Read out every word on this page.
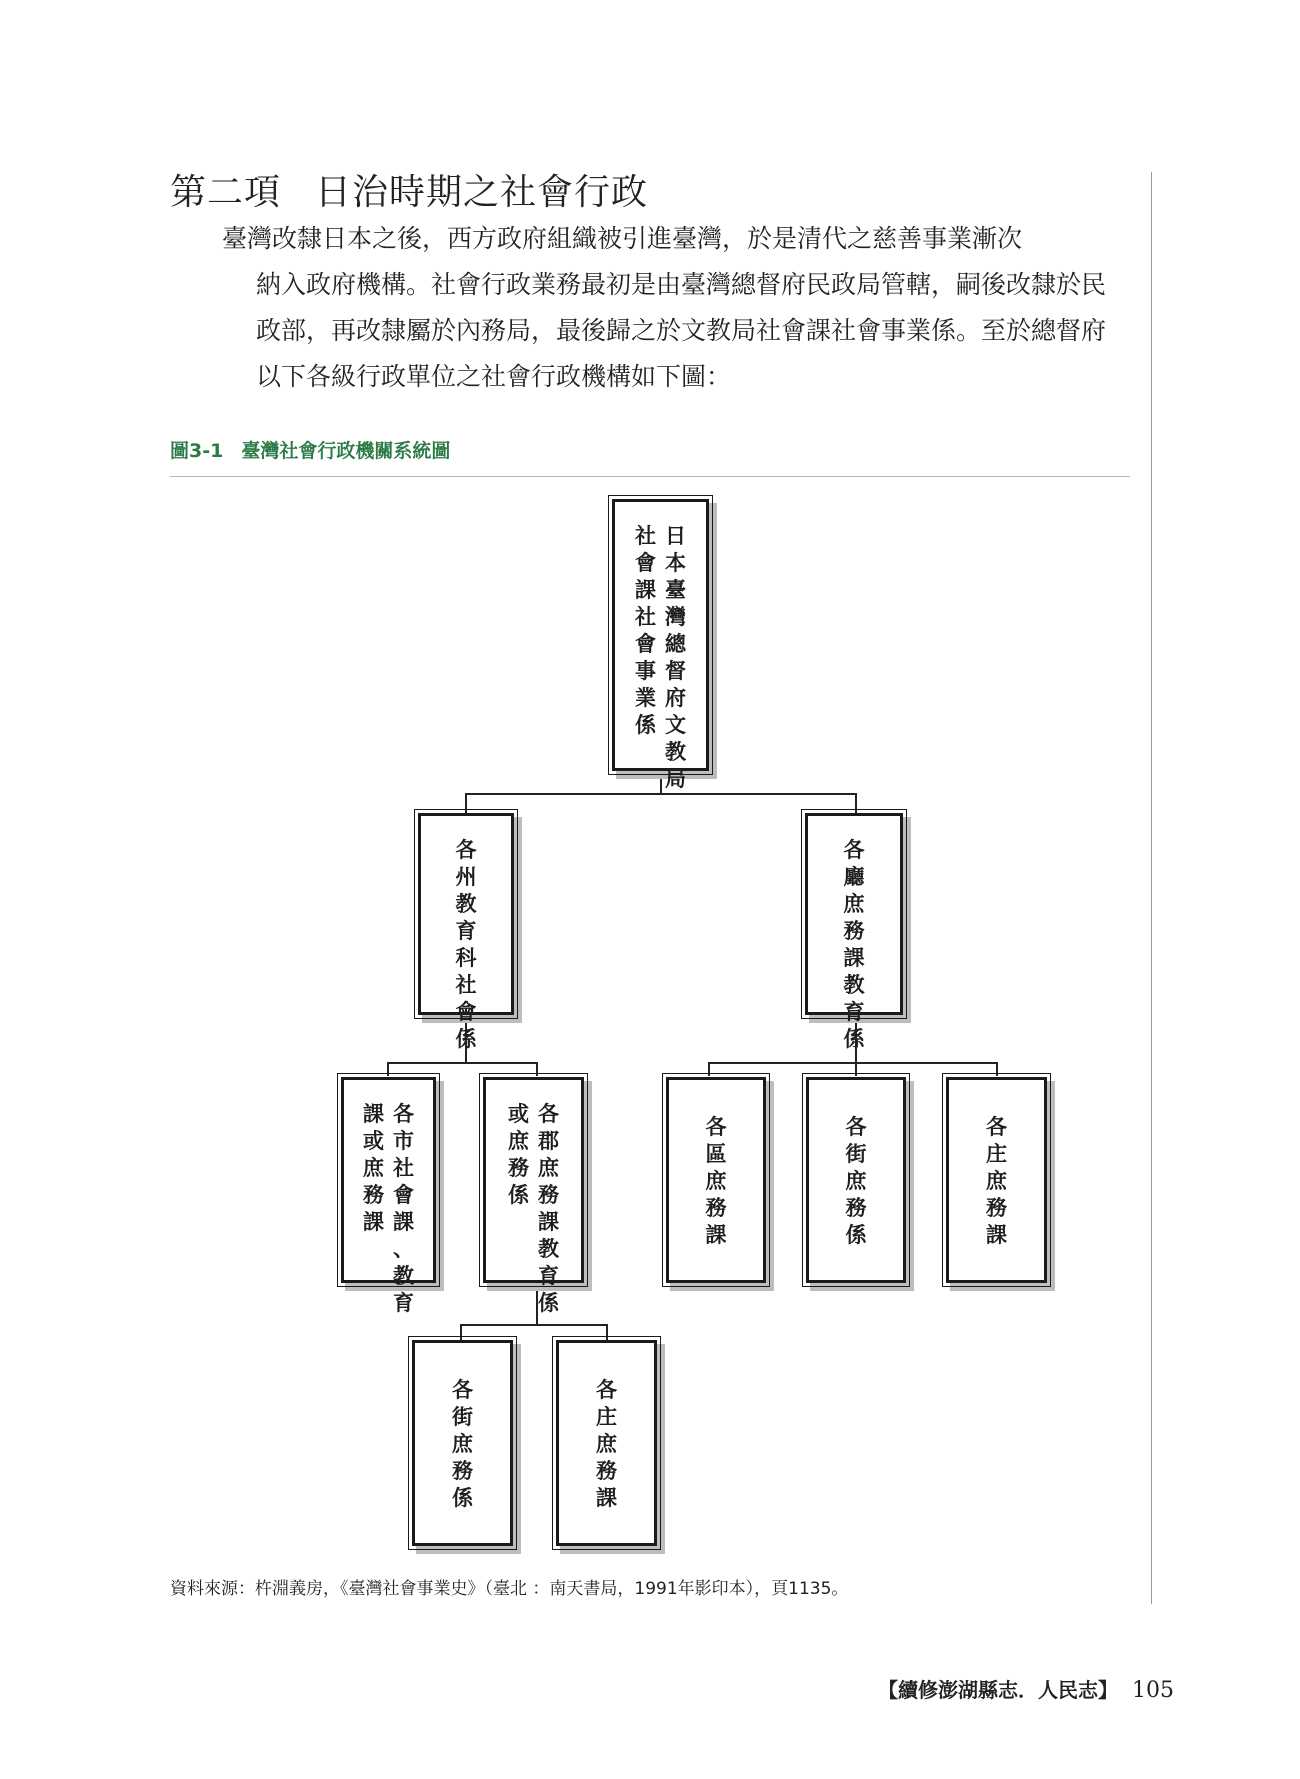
第二項 日治時期之社會行政

　　臺灣改隸日本之後，西方政府組織被引進臺灣，於是清代之慈善事業漸次

納入政府機構。社會行政業務最初是由臺灣總督府民政局管轄，嗣後改隸於民

政部，再改隸屬於內務局，最後歸之於文教局社會課社會事業係。至於總督府

以下各級行政單位之社會行政機構如下圖：

圖3-1 臺灣社會行政機關系統圖
日
本
臺
灣
總
督
府
文
教
局
社
會
課
社
會
事
業
係
各
州
教
育
科
社
會
係
各
廳
庶
務
課
教
育
係
各
市
社
會
課
、
教
育
課
或
庶
務
課
各
郡
庶
務
課
教
育
係
或
庶
務
係
各
區
庶
務
課
各
街
庶
務
係
各
庄
庶
務
課
各
街
庶
務
係
各
庄
庶
務
課
資料來源：杵淵義房，《臺灣社會事業史》（臺北 ：南天書局，1991年影印本），頁1135。
【續修澎湖縣志．人民志】 105
